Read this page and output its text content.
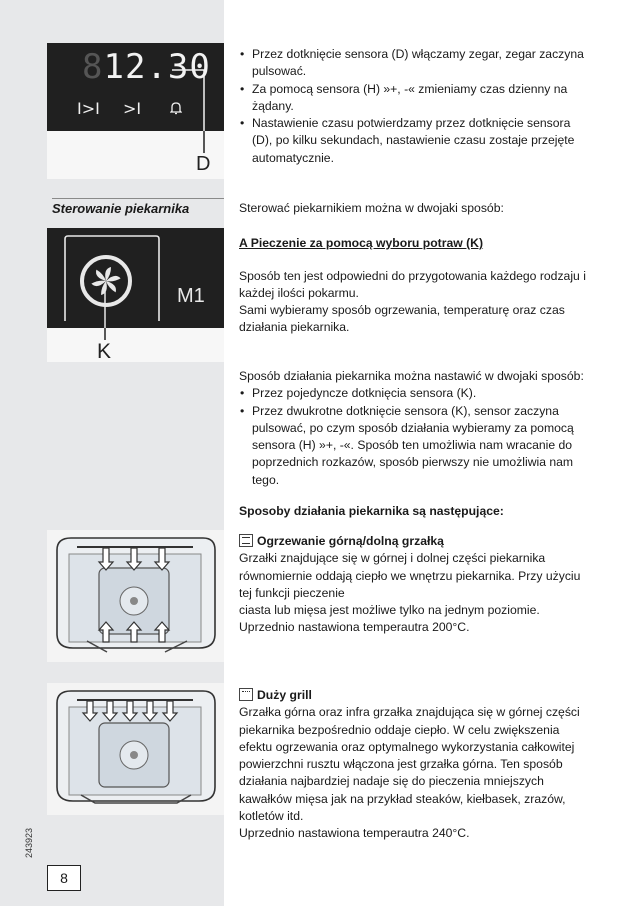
812.30
I>I >I
D
Sterowanie piekarnika
M1
K
243923
8
• Przez dotknięcie sensora (D) włączamy zegar, zegar zaczyna pulsować.
• Za pomocą sensora (H) »+, -« zmieniamy czas dzienny na żądany.
• Nastawienie czasu potwierdzamy przez dotknięcie sensora (D), po kilku sekundach, nastawienie czasu zostaje przejęte automatycznie.
Sterować piekarnikiem można w dwojaki sposób:
A Pieczenie za pomocą wyboru potraw (K)
Sposób ten jest odpowiedni do przygotowania każdego rodzaju i każdej ilości pokarmu.
Sami wybieramy sposób ogrzewania, temperaturę oraz czas działania piekarnika.
Sposób działania piekarnika można nastawić w dwojaki sposób:
• Przez pojedyncze dotknięcia sensora (K).
• Przez dwukrotne dotknięcie sensora (K), sensor zaczyna pulsować, po czym sposób działania wybieramy za pomocą sensora (H) »+, -«. Sposób ten umożliwia nam wracanie do poprzednich rozkazów, sposób pierwszy nie umożliwia nam tego.
Sposoby działania piekarnika są następujące:
Ogrzewanie górną/dolną grzałką
Grzałki znajdujące się w górnej i dolnej części piekarnika równomiernie oddają ciepło we wnętrzu piekarnika. Przy użyciu tej funkcji pieczenie
ciasta lub mięsa jest możliwe tylko na jednym poziomie.
Uprzednio nastawiona temperautra 200°C.
Duży grill
Grzałka górna oraz infra grzałka znajdująca się w górnej części piekarnika bezpośrednio oddaje ciepło. W celu zwiększenia efektu ogrzewania oraz optymalnego wykorzystania całkowitej powierzchni rusztu włączona jest grzałka górna. Ten sposób działania najbardziej nadaje się do pieczenia mniejszych kawałków mięsa jak na przykład steaków, kiełbasek, zrazów, kotletów itd.
Uprzednio nastawiona temperautra 240°C.
